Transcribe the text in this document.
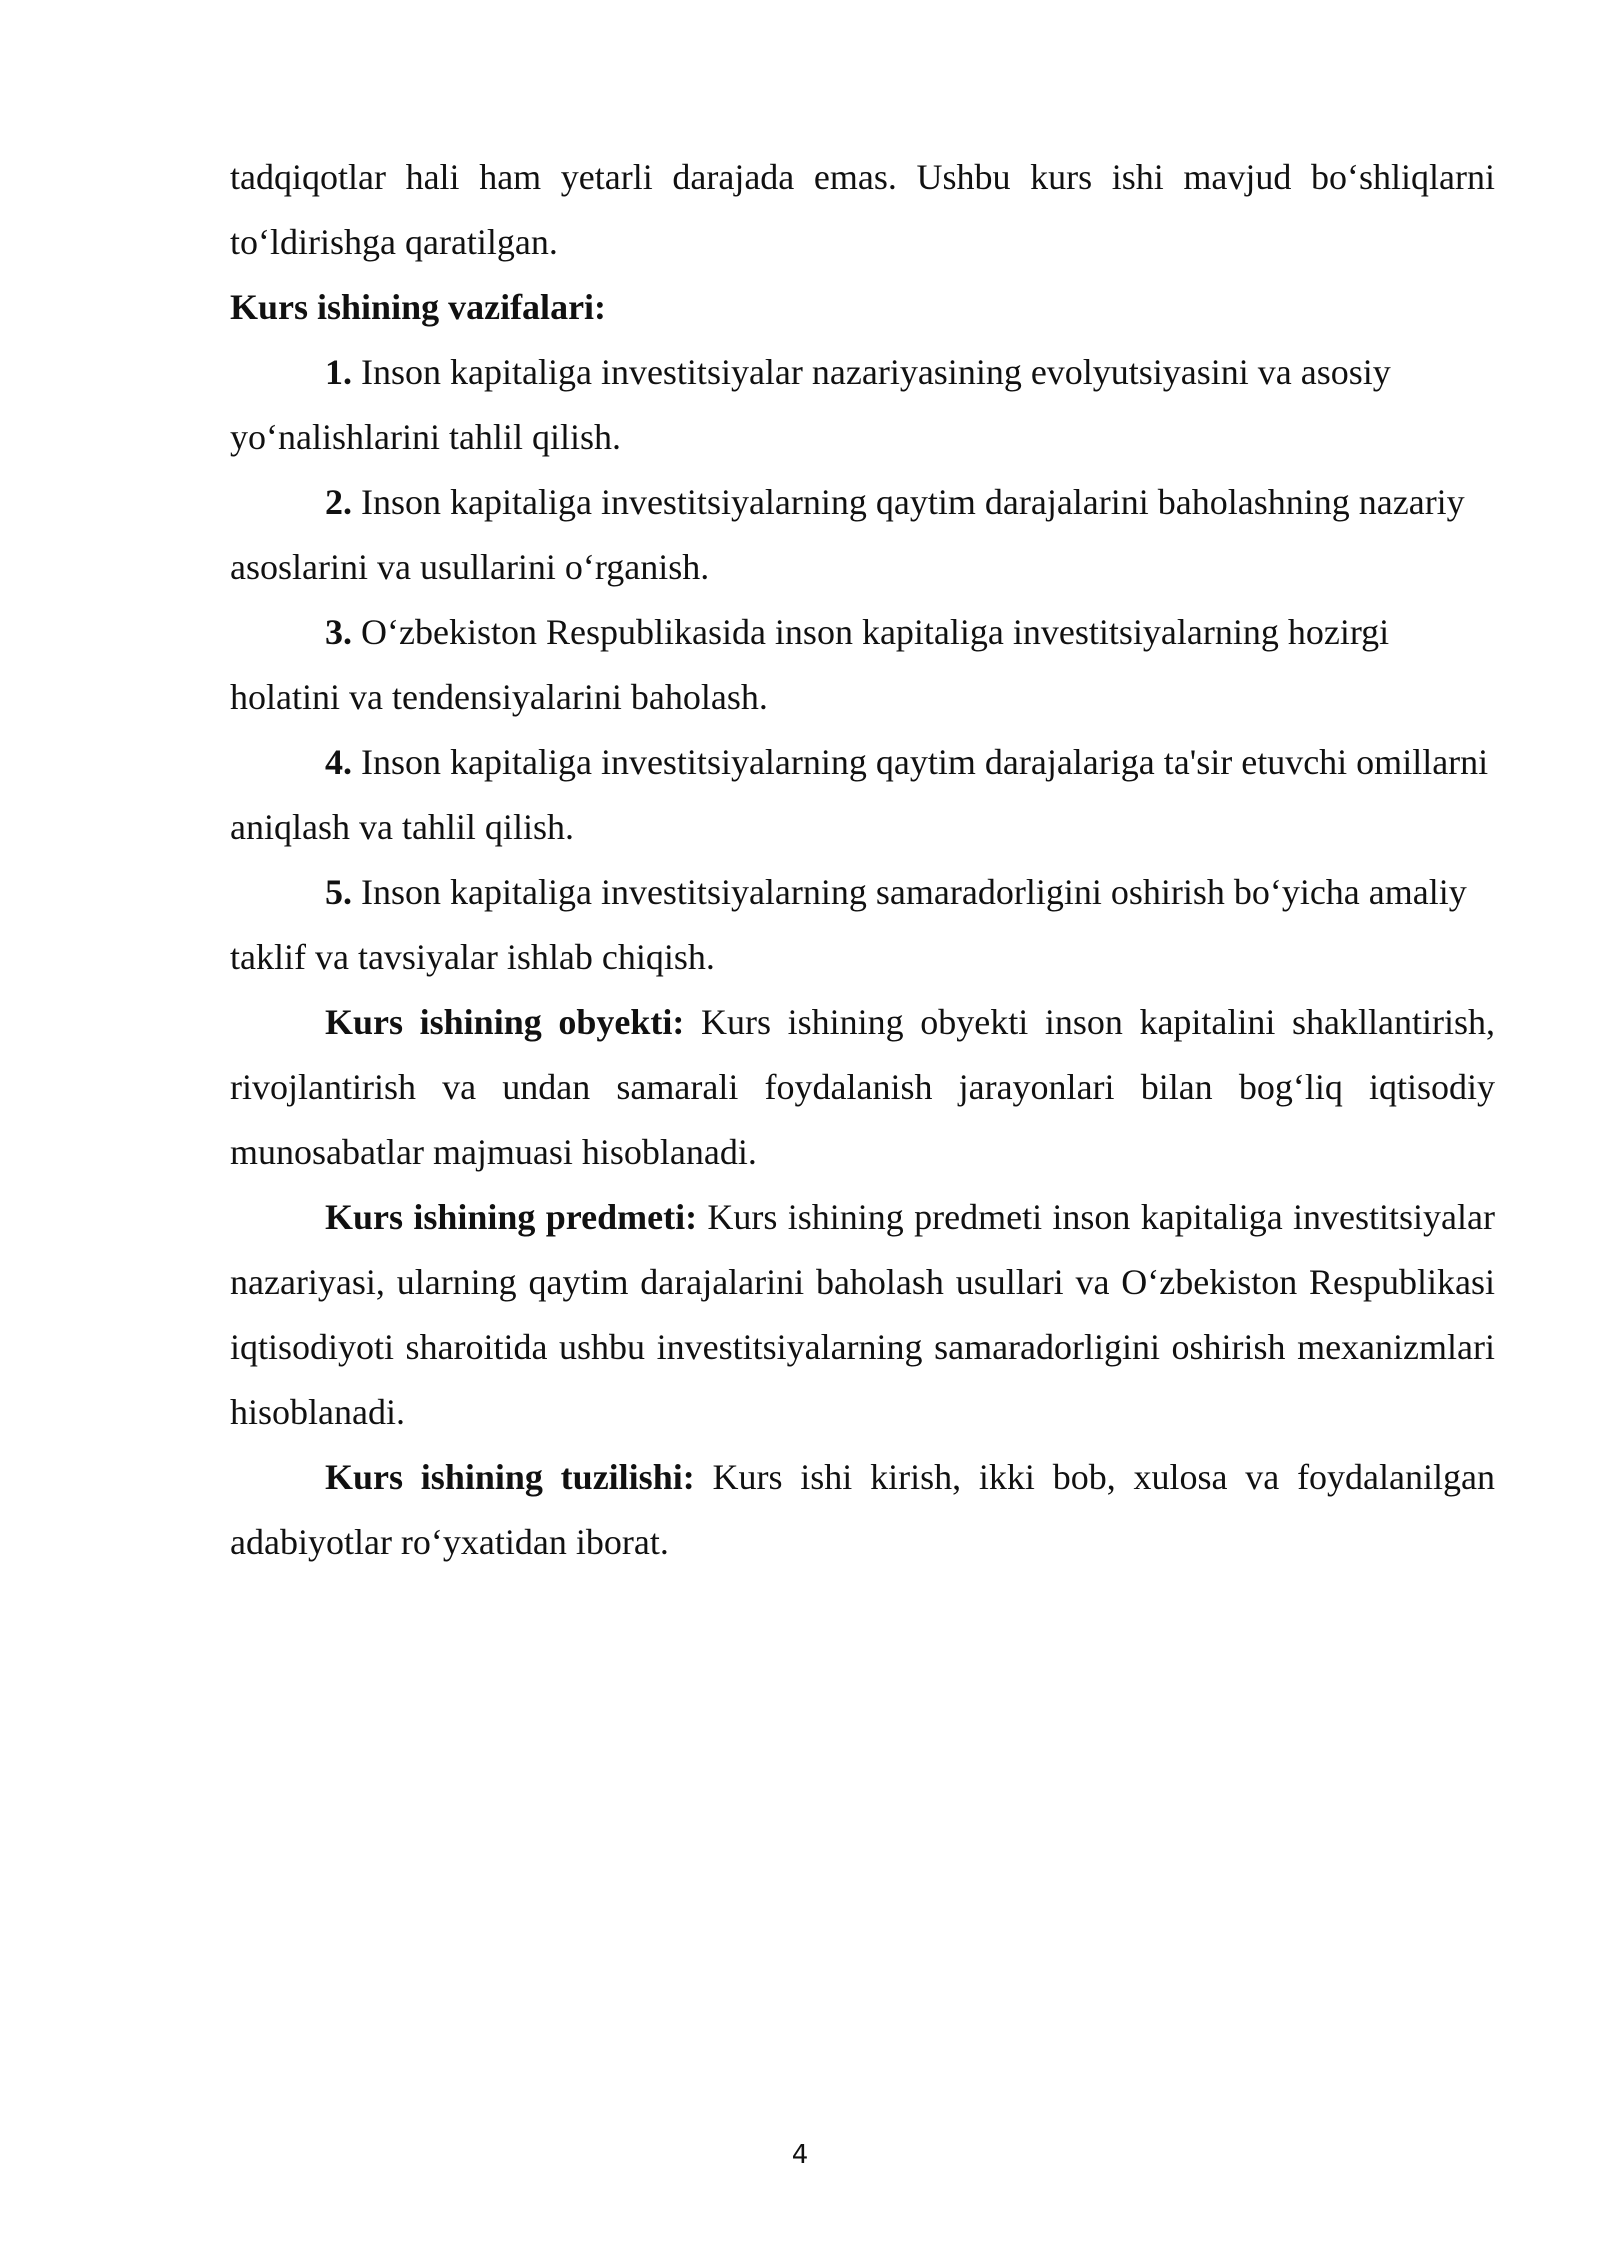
tadqiqotlar hali ham yetarli darajada emas. Ushbu kurs ishi mavjud bo‘shliqlarni to‘ldirishga qaratilgan.

Kurs ishining vazifalari:

1. Inson kapitaliga investitsiyalar nazariyasining evolyutsiyasini va asosiy yo‘nalishlarini tahlil qilish.

2. Inson kapitaliga investitsiyalarning qaytim darajalarini baholashning nazariy asoslarini va usullarini o‘rganish.

3. O‘zbekiston Respublikasida inson kapitaliga investitsiyalarning hozirgi holatini va tendensiyalarini baholash.

4. Inson kapitaliga investitsiyalarning qaytim darajalariga ta'sir etuvchi omillarni aniqlash va tahlil qilish.

5. Inson kapitaliga investitsiyalarning samaradorligini oshirish bo‘yicha amaliy taklif va tavsiyalar ishlab chiqish.

Kurs ishining obyekti: Kurs ishining obyekti inson kapitalini shakllantirish, rivojlantirish va undan samarali foydalanish jarayonlari bilan bog‘liq iqtisodiy munosabatlar majmuasi hisoblanadi.

Kurs ishining predmeti: Kurs ishining predmeti inson kapitaliga investitsiyalar nazariyasi, ularning qaytim darajalarini baholash usullari va O‘zbekiston Respublikasi iqtisodiyoti sharoitida ushbu investitsiyalarning samaradorligini oshirish mexanizmlari hisoblanadi.

Kurs ishining tuzilishi: Kurs ishi kirish, ikki bob, xulosa va foydalanilgan adabiyotlar ro‘yxatidan iborat.

4
